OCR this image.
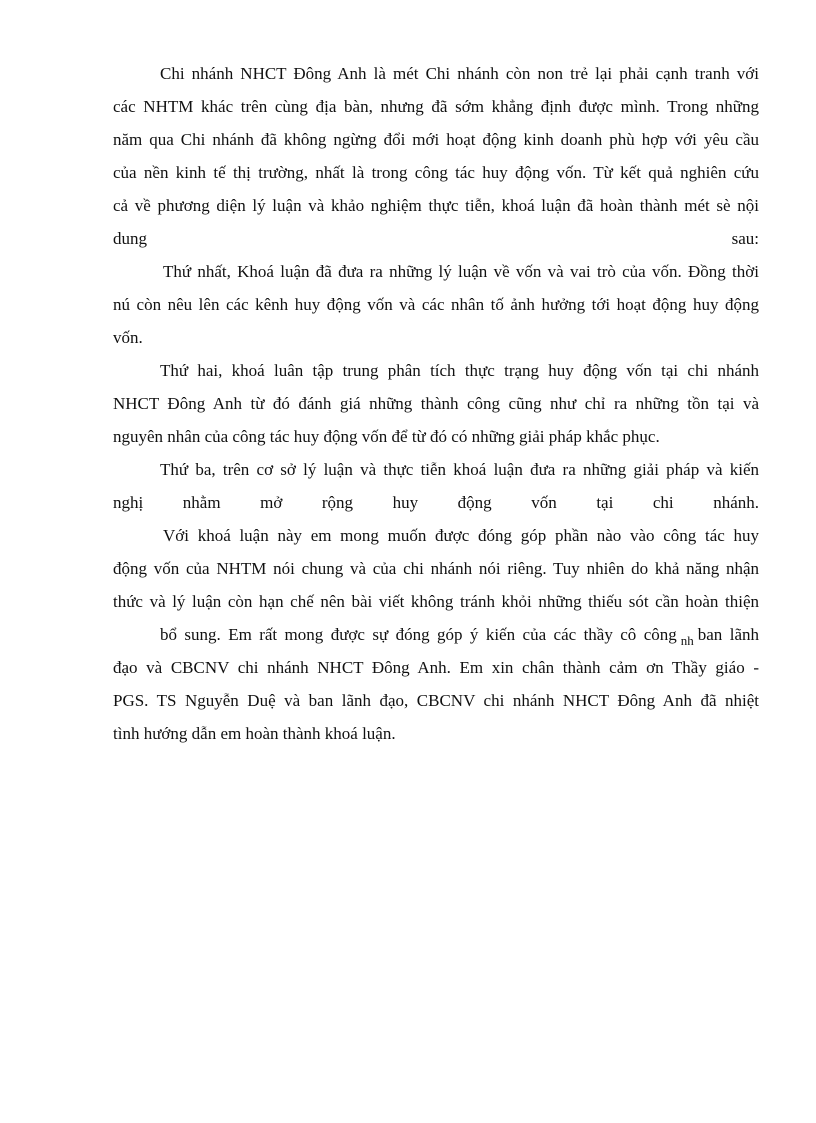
Chi nhánh NHCT Đông Anh là mét Chi nhánh còn non trẻ lại phải cạnh tranh với
các NHTM khác trên cùng địa bàn, nhưng đã sớm khẳng định được mình. Trong những
năm qua Chi nhánh đã không ngừng đổi mới hoạt động kinh doanh phù hợp với yêu cầu
của nền kinh tế thị trường, nhất là trong công tác huy động vốn. Từ kết quả nghiên cứu
cả về phương diện lý luận và khảo nghiệm thực tiễn, khoá luận đã hoàn thành mét sè nội
dung sau:
Thứ nhất, Khoá luận đã đưa ra những lý luận về vốn và vai trò của vốn. Đồng thời
nú còn nêu lên các kênh huy động vốn và các nhân tố ảnh hưởng tới hoạt động huy động
vốn.
Thứ hai, khoá luân tập trung phân tích thực trạng huy động vốn tại chi nhánh
NHCT Đông Anh từ đó đánh giá những thành công cũng như chỉ ra những tồn tại và
nguyên nhân của công tác huy động vốn để từ đó có những giải pháp khắc phục.
Thứ ba, trên cơ sở lý luận và thực tiễn khoá luận đưa ra những giải pháp và kiến
nghị nhằm mở rộng huy động vốn tại chi nhánh.
Với khoá luận này em mong muốn được đóng góp phần nào vào công tác huy
động vốn của NHTM nói chung và của chi nhánh nói riêng. Tuy nhiên do khả năng nhận
thức và lý luận còn hạn chế nên bài viết không tránh khỏi những thiếu sót cần hoàn thiện
bổ sung. Em rất mong được sự đóng góp ý kiến của các thầy cô công $_{nh}$ ban lãnh
đạo và CBCNV chi nhánh NHCT Đông Anh. Em xin chân thành cảm ơn Thầy giáo -
PGS. TS Nguyễn Duệ và ban lãnh đạo, CBCNV chi nhánh NHCT Đông Anh đã nhiệt
tình hướng dẫn em hoàn thành khoá luận.
